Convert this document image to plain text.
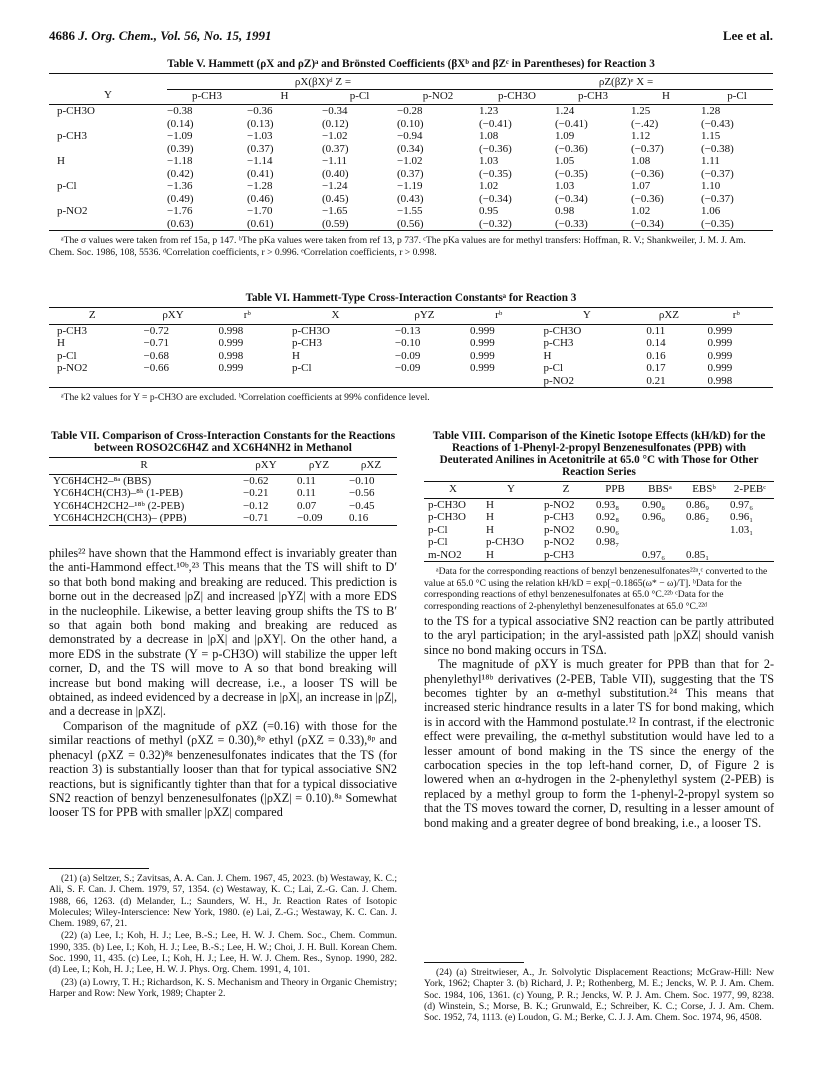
4686 J. Org. Chem., Vol. 56, No. 15, 1991	Lee et al.

Table V. Hammett (ρX and ρZ)ᵃ and Brönsted Coefficients (βXᵇ and βZᶜ in Parentheses) for Reaction 3

	ρX(βX)ᵈ Z =				ρZ(βZ)ᵉ X =			
Y	p-CH3	H	p-Cl	p-NO2	p-CH3O	p-CH3	H	p-Cl
p-CH3O	−0.38	−0.36	−0.34	−0.28	1.23	1.24	1.25	1.28
	(0.14)	(0.13)	(0.12)	(0.10)	(−0.41)	(−0.41)	(−.42)	(−0.43)
p-CH3	−1.09	−1.03	−1.02	−0.94	1.08	1.09	1.12	1.15
	(0.39)	(0.37)	(0.37)	(0.34)	(−0.36)	(−0.36)	(−0.37)	(−0.38)
H	−1.18	−1.14	−1.11	−1.02	1.03	1.05	1.08	1.11
	(0.42)	(0.41)	(0.40)	(0.37)	(−0.35)	(−0.35)	(−0.36)	(−0.37)
p-Cl	−1.36	−1.28	−1.24	−1.19	1.02	1.03	1.07	1.10
	(0.49)	(0.46)	(0.45)	(0.43)	(−0.34)	(−0.34)	(−0.36)	(−0.37)
p-NO2	−1.76	−1.70	−1.65	−1.55	0.95	0.98	1.02	1.06
	(0.63)	(0.61)	(0.59)	(0.56)	(−0.32)	(−0.33)	(−0.34)	(−0.35)

ᵃThe σ values were taken from ref 15a, p 147. ᵇThe pKa values were taken from ref 13, p 737. ᶜThe pKa values are for methyl transfers: Hoffman, R. V.; Shankweiler, J. M. J. Am. Chem. Soc. 1986, 108, 5536. ᵈCorrelation coefficients, r > 0.996. ᵉCorrelation coefficients, r > 0.998.

Table VI. Hammett-Type Cross-Interaction Constantsᵃ for Reaction 3

Z	ρXY	rᵇ	X	ρYZ	rᵇ	Y	ρXZ	rᵇ
p-CH3	−0.72	0.998	p-CH3O	−0.13	0.999	p-CH3O	0.11	0.999
H	−0.71	0.999	p-CH3	−0.10	0.999	p-CH3	0.14	0.999
p-Cl	−0.68	0.998	H	−0.09	0.999	H	0.16	0.999
p-NO2	−0.66	0.999	p-Cl	−0.09	0.999	p-Cl	0.17	0.999
						p-NO2	0.21	0.998

ᵃThe k2 values for Y = p-CH3O are excluded. ᵇCorrelation coefficients at 99% confidence level.

Table VII. Comparison of Cross-Interaction Constants for the Reactions between ROSO2C6H4Z and XC6H4NH2 in Methanol

R	ρXY	ρYZ	ρXZ
YC6H4CH2–⁸ᵃ (BBS)	−0.62	0.11	−0.10
YC6H4CH(CH3)–⁸ʰ (1-PEB)	−0.21	0.11	−0.56
YC6H4CH2CH2–¹⁸ᵇ (2-PEB)	−0.12	0.07	−0.45
YC6H4CH2CH(CH3)– (PPB)	−0.71	−0.09	0.16

Table VIII. Comparison of the Kinetic Isotope Effects (kH/kD) for the Reactions of 1-Phenyl-2-propyl Benzenesulfonates (PPB) with Deuterated Anilines in Acetonitrile at 65.0 °C with Those for Other Reaction Series

X	Y	Z	PPB	BBSᵃ	EBSᵇ	2-PEBᶜ
p-CH3O	H	p-NO2	0.93₈	0.90₈	0.86₉	0.97₆
p-CH3O	H	p-CH3	0.92₈	0.96₀	0.86₂	0.96₁
p-Cl	H	p-NO2	0.90₆			1.03₁
p-Cl	p-CH3O	p-NO2	0.98₇			
m-NO2	H	p-CH3		0.97₆	0.85₁	

ᵃData for the corresponding reactions of benzyl benzenesulfonates²²ᵃ,ᶜ converted to the value at 65.0 °C using the relation kH/kD = exp[−0.1865(ω* − ω)/T]. ᵇData for the corresponding reactions of ethyl benzenesulfonates at 65.0 °C.²²ᵇ ᶜData for the corresponding reactions of 2-phenylethyl benzenesulfonates at 65.0 °C.²²ᵈ

philes²² have shown that the Hammond effect is invariably greater than the anti-Hammond effect.¹⁰ᵇ,²³ This means that the TS will shift to D′ so that both bond making and breaking are reduced. This prediction is borne out in the decreased |ρZ| and increased |ρYZ| with a more EDS in the nucleophile. Likewise, a better leaving group shifts the TS to B′ so that again both bond making and breaking are reduced as demonstrated by a decrease in |ρX| and |ρXY|. On the other hand, a more EDS in the substrate (Y = p-CH3O) will stabilize the upper left corner, D, and the TS will move to A so that bond breaking will increase but bond making will decrease, i.e., a looser TS will be obtained, as indeed evidenced by a decrease in |ρX|, an increase in |ρZ|, and a decrease in |ρXZ|.

Comparison of the magnitude of ρXZ (=0.16) with those for the similar reactions of methyl (ρXZ = 0.30),⁸ᵖ ethyl (ρXZ = 0.33),⁸ᵖ and phenacyl (ρXZ = 0.32)⁸ᵍ benzenesulfonates indicates that the TS (for reaction 3) is substantially looser than that for typical associative SN2 reactions, but is significantly tighter than that for a typical dissociative SN2 reaction of benzyl benzenesulfonates (|ρXZ| = 0.10).⁸ᵃ Somewhat looser TS for PPB with smaller |ρXZ| compared

to the TS for a typical associative SN2 reaction can be partly attributed to the aryl participation; in the aryl-assisted path |ρXZ| should vanish since no bond making occurs in TSΔ.

The magnitude of ρXY is much greater for PPB than that for 2-phenylethyl¹⁸ᵇ derivatives (2-PEB, Table VII), suggesting that the TS becomes tighter by an α-methyl substitution.²⁴ This means that increased steric hindrance results in a later TS for bond making, which is in accord with the Hammond postulate.¹² In contrast, if the electronic effect were prevailing, the α-methyl substitution would have led to a lesser amount of bond making in the TS since the energy of the carbocation species in the top left-hand corner, D, of Figure 2 is lowered when an α-hydrogen in the 2-phenylethyl system (2-PEB) is replaced by a methyl group to form the 1-phenyl-2-propyl system so that the TS moves toward the corner, D, resulting in a lesser amount of bond making and a greater degree of bond breaking, i.e., a looser TS.

(21) (a) Seltzer, S.; Zavitsas, A. A. Can. J. Chem. 1967, 45, 2023. (b) Westaway, K. C.; Ali, S. F. Can. J. Chem. 1979, 57, 1354. (c) Westaway, K. C.; Lai, Z.-G. Can. J. Chem. 1988, 66, 1263. (d) Melander, L.; Saunders, W. H., Jr. Reaction Rates of Isotopic Molecules; Wiley-Interscience: New York, 1980. (e) Lai, Z.-G.; Westaway, K. C. Can. J. Chem. 1989, 67, 21.

(22) (a) Lee, I.; Koh, H. J.; Lee, B.-S.; Lee, H. W. J. Chem. Soc., Chem. Commun. 1990, 335. (b) Lee, I.; Koh, H. J.; Lee, B.-S.; Lee, H. W.; Choi, J. H. Bull. Korean Chem. Soc. 1990, 11, 435. (c) Lee, I.; Koh, H. J.; Lee, H. W. J. Chem. Res., Synop. 1990, 282. (d) Lee, I.; Koh, H. J.; Lee, H. W. J. Phys. Org. Chem. 1991, 4, 101.

(23) (a) Lowry, T. H.; Richardson, K. S. Mechanism and Theory in Organic Chemistry; Harper and Row: New York, 1989; Chapter 2.

(24) (a) Streitwieser, A., Jr. Solvolytic Displacement Reactions; McGraw-Hill: New York, 1962; Chapter 3. (b) Richard, J. P.; Rothenberg, M. E.; Jencks, W. P. J. Am. Chem. Soc. 1984, 106, 1361. (c) Young, P. R.; Jencks, W. P. J. Am. Chem. Soc. 1977, 99, 8238. (d) Winstein, S.; Morse, B. K.; Grunwald, E.; Schreiber, K. C.; Corse, J. J. Am. Chem. Soc. 1952, 74, 1113. (e) Loudon, G. M.; Berke, C. J. J. Am. Chem. Soc. 1974, 96, 4508.
